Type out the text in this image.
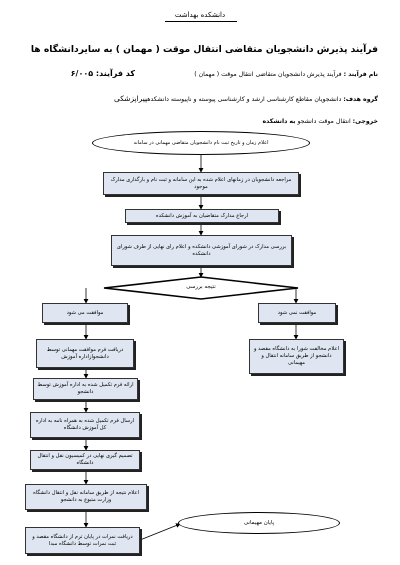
دانشکده بهداشت
فرآیند پذیرش دانشجویان متقاضی انتقال موقت ( مهمان ) به سایردانشگاه ها
نام فرآیند : فرآیند پذیرش دانشجویان متقاضی انتقال موقت ( مهمان )
کد فرآیند: ۶/۰۰۵
گروه هدف: دانشجویان مقاطع کارشناسی ارشد و کارشناسی پیوسته و ناپیوسته دانشکدهپیراپزشکی
خروجی: انتقال موقت دانشجو به دانشکده
اعلام زمان و تاریخ ثبت نام دانشجویان متقاضی مهمانی در سامانه
مراجعه دانشجویان در زمانهای اعلام شده به این سامانه و ثبت نام و بارگذاری مدارک موجود
ارجاع مدارک متقاضیان به آموزش دانشکده
بررسی مدارک در شورای آموزشی دانشکده و اعلام رای نهایی از طرف شورای دانشکده
نتیجه بررسی
موافقت می شود	موافقت نمی شود
اعلام مخالفت شورا به دانشگاه مقصد و دانشجو از طریق سامانه انتقال و مهیمانی
دریافت فرم موافقت مهمانی توسط دانشجوازاداره آموزش
ارائه فرم تکمیل شده به اداره آموزش توسط دانشجو
ارسال فرم تکمیل شده به همراه نامه به اداره کل آموزش دانشگاه
تصمیم گیری نهایی در کمیسیون نقل و انتقال دانشگاه
اعلام نتیجه از طریق سامانه نقل و انتقال دانشگاه وزارت متبوع به دانشجو
دریافت نمرات در پایان ترم از دانشگاه مقصد و ثبت نمرات توسط دانشگاه مبدا
پایان مهیمانی
